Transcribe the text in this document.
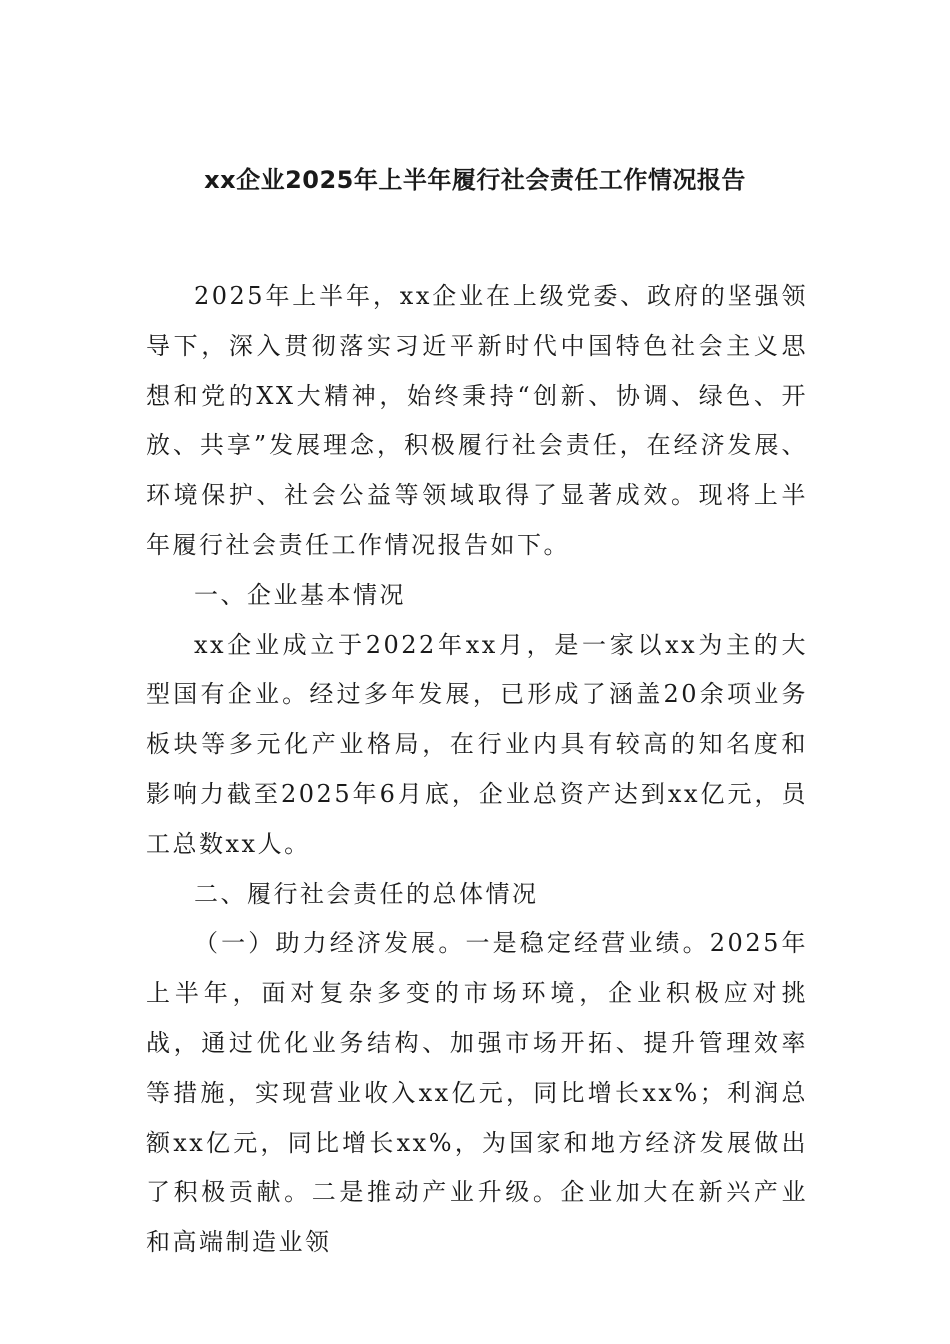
xx企业2025年上半年履行社会责任工作情况报告

2025年上半年，xx企业在上级党委、政府的坚强领导下，深入贯彻落实习近平新时代中国特色社会主义思想和党的XX大精神，始终秉持“创新、协调、绿色、开放、共享”发展理念，积极履行社会责任，在经济发展、环境保护、社会公益等领域取得了显著成效。现将上半年履行社会责任工作情况报告如下。

一、企业基本情况

xx企业成立于2022年xx月，是一家以xx为主的大型国有企业。经过多年发展，已形成了涵盖20余项业务板块等多元化产业格局，在行业内具有较高的知名度和影响力截至2025年6月底，企业总资产达到xx亿元，员工总数xx人。

二、履行社会责任的总体情况

（一）助力经济发展。一是稳定经营业绩。2025年上半年，面对复杂多变的市场环境，企业积极应对挑战，通过优化业务结构、加强市场开拓、提升管理效率等措施，实现营业收入xx亿元，同比增长xx%；利润总额xx亿元，同比增长xx%，为国家和地方经济发展做出了积极贡献。二是推动产业升级。企业加大在新兴产业和高端制造业领
